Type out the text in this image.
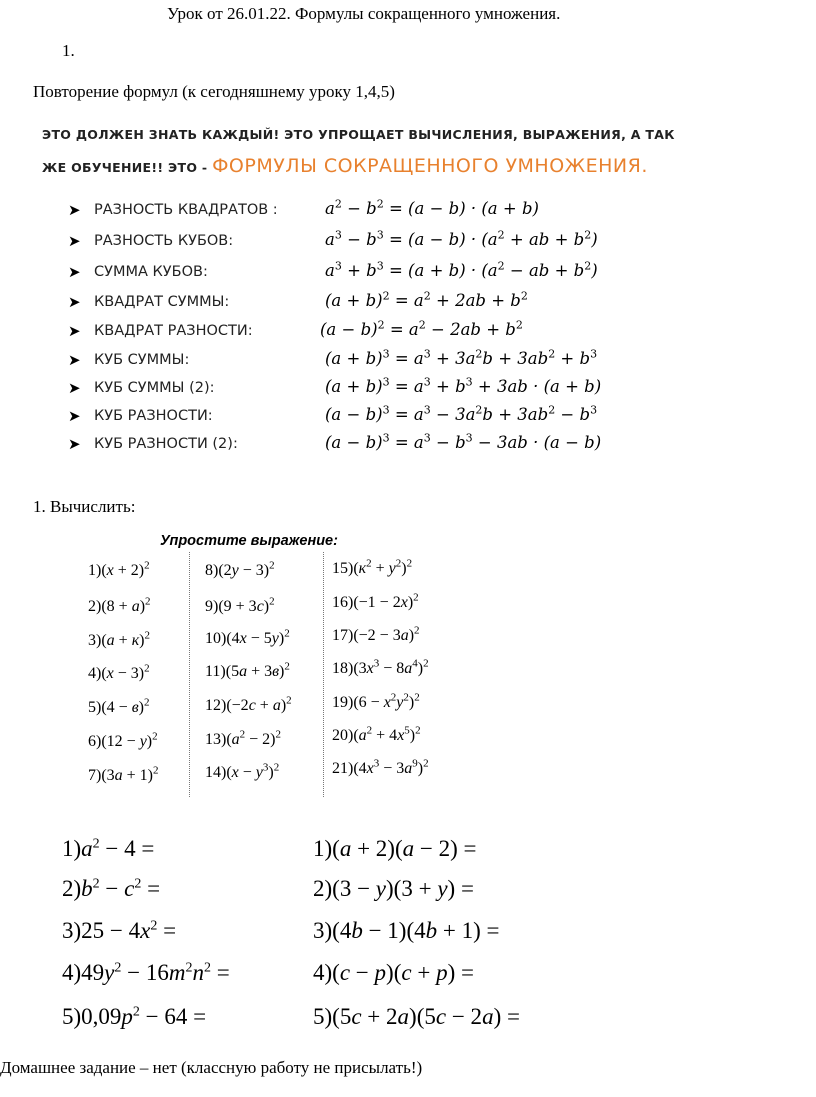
Урок от 26.01.22. Формулы сокращенного умножения.
1.
Повторение формул (к сегодняшнему уроку 1,4,5)
ЭТО ДОЛЖЕН ЗНАТЬ КАЖДЫЙ! ЭТО УПРОЩАЕТ ВЫЧИСЛЕНИЯ, ВЫРАЖЕНИЯ, А ТАК
ЖЕ ОБУЧЕНИЕ!! ЭТО - ФОРМУЛЫ СОКРАЩЕННОГО УМНОЖЕНИЯ.
➤ РАЗНОСТЬ КВАДРАТОВ :	$a^2 - b^2 = (a - b) \cdot (a + b)$
➤ РАЗНОСТЬ КУБОВ:	$a^3 - b^3 = (a - b) \cdot (a^2$ + ab + $b^2$)
➤ СУММА КУБОВ:	$a^3 + b^3 = (a + b) \cdot (a^2$ − ab + $b^2$)
➤ КВАДРАТ СУММЫ:	$(a + b)^2 = a^2 + 2ab + b^2$
➤ КВАДРАТ РАЗНОСТИ:	$(a - b)^2 = a^2 - 2ab + b^2$
➤ КУБ СУММЫ:	$(a + b)^3 = a^3 + 3a^2b + 3ab^2 + b^3$
➤ КУБ СУММЫ (2):	$(a + b)^3 = a^3 + b^3 + 3ab \cdot (a + b)$
➤ КУБ РАЗНОСТИ:	$(a - b)^3 = a^3 - 3a^2b + 3ab^2 - b^3$
➤ КУБ РАЗНОСТИ (2):	$(a - b)^3 = a^3 - b^3 - 3ab \cdot (a - b)$
1. Вычислить:
Упростите выражение:
$1)(x + 2)^2$
$2)(8 + a)^2$
$3)(a + к)^2$
$4)(x - 3)^2$
$5)(4 - в)^2$
$6)(12 - y)^2$
$7)(3a + 1)^2$
$8)(2y - 3)^2$
$9)(9 + 3c)^2$
$10)(4x - 5y)^2$
$11)(5a + 3в)^2$
$12)(-2c + a)^2$
$13)(a^2 - 2)^2$
$14)(x - y^3)^2$
$15)(к^2 + y^2)^2$
$16)(-1 - 2x)^2$
$17)(-2 - 3a)^2$
$18)(3x^3 - 8a^4)^2$
$19)(6 - x^2y^2)^2$
$20)(a^2 + 4x^5)^2$
$21)(4x^3 - 3a^9)^2$
$1)a^2 - 4$ =
$2)b^2 - c^2$ =
$3)25 - 4x^2$ =
$4)49y^2 - 16m^2n^2$ =
$5)0,09p^2 - 64$ =
1)(a + 2)(a − 2) =
2)(3 − y)(3 + y) =
3)(4b − 1)(4b + 1) =
4)(c − p)(c + p) =
5)(5c + 2a)(5c − 2a) =
Домашнее задание – нет (классную работу не присылать!)
